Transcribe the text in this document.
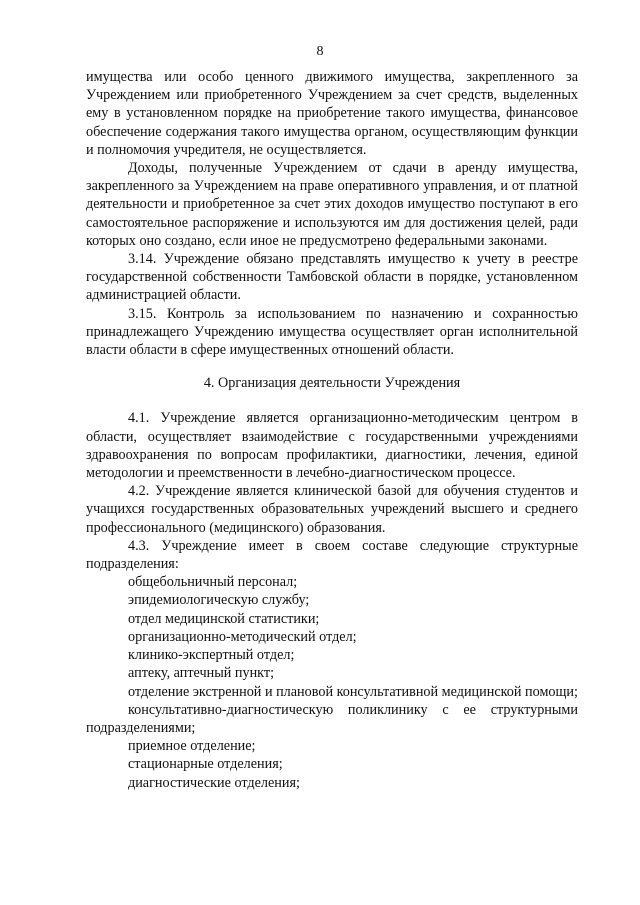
8

имущества или особо ценного движимого имущества, закрепленного за Учреждением или приобретенного Учреждением за счет средств, выделенных ему в установленном порядке на приобретение такого имущества, финансовое обеспечение содержания такого имущества органом, осуществляющим функции и полномочия учредителя, не осуществляется.

Доходы, полученные Учреждением от сдачи в аренду имущества, закрепленного за Учреждением на праве оперативного управления, и от платной деятельности и приобретенное за счет этих доходов имущество поступают в его самостоятельное распоряжение и используются им для достижения целей, ради которых оно создано, если иное не предусмотрено федеральными законами.

3.14. Учреждение обязано представлять имущество к учету в реестре государственной собственности Тамбовской области в порядке, установленном администрацией области.

3.15. Контроль за использованием по назначению и сохранностью принадлежащего Учреждению имущества осуществляет орган исполнительной власти области в сфере имущественных отношений области.

4. Организация деятельности Учреждения

4.1. Учреждение является организационно-методическим центром в области, осуществляет взаимодействие с государственными учреждениями здравоохранения по вопросам профилактики, диагностики, лечения, единой методологии и преемственности в лечебно-диагностическом процессе.

4.2. Учреждение является клинической базой для обучения студентов и учащихся государственных образовательных учреждений высшего и среднего профессионального (медицинского) образования.

4.3. Учреждение имеет в своем составе следующие структурные подразделения:

общебольничный персонал;

эпидемиологическую службу;

отдел медицинской статистики;

организационно-методический отдел;

клинико-экспертный отдел;

аптеку, аптечный пункт;

отделение экстренной и плановой консультативной медицинской помощи;

консультативно-диагностическую поликлинику с ее структурными подразделениями;

приемное отделение;

стационарные отделения;

диагностические отделения;
